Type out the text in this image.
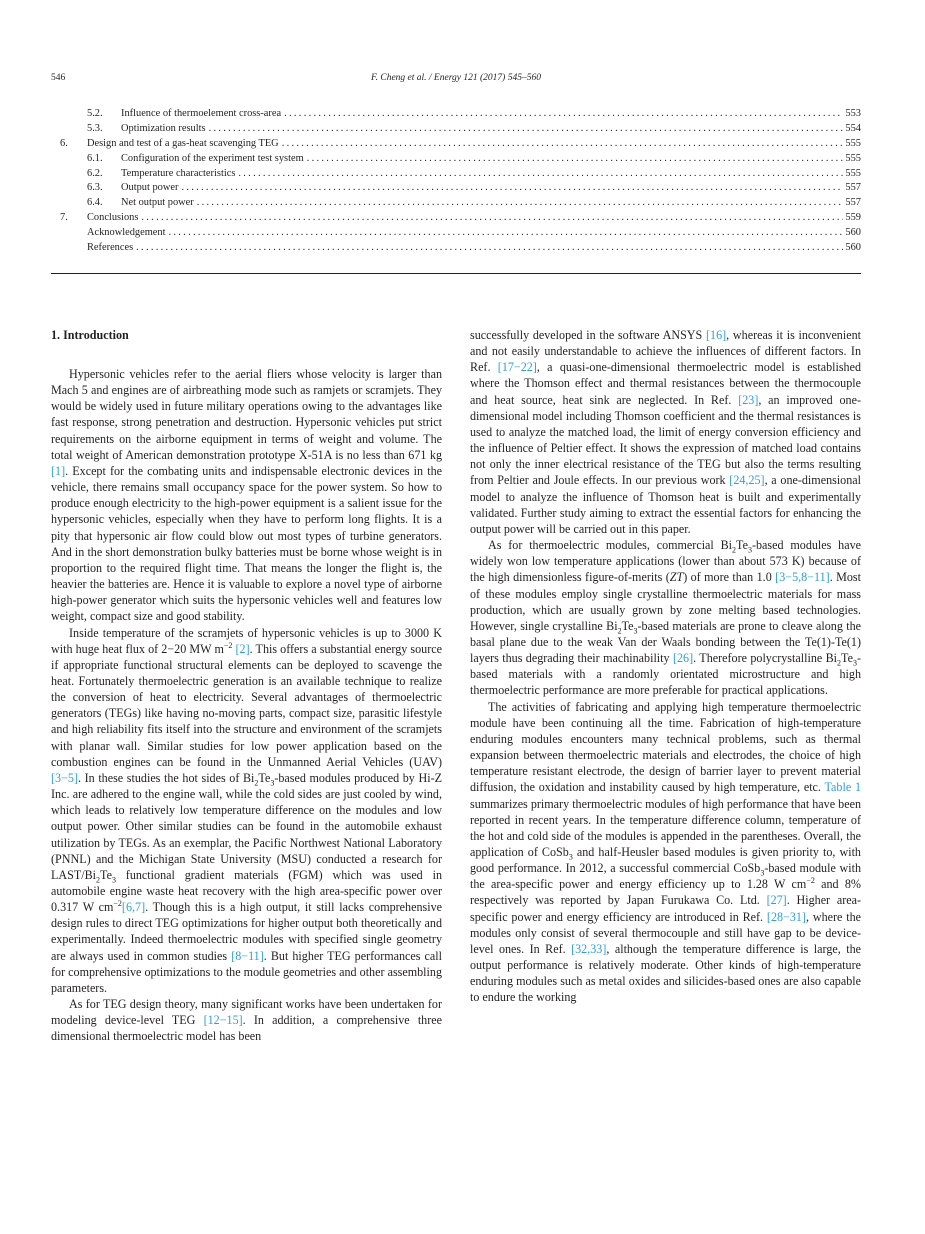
546	F. Cheng et al. / Energy 121 (2017) 545–560
5.2.	Influence of thermoelement cross-area .....	553
5.3.	Optimization results .....	554
6.	Design and test of a gas-heat scavenging TEG .....	555
6.1.	Configuration of the experiment test system .....	555
6.2.	Temperature characteristics .....	555
6.3.	Output power .....	557
6.4.	Net output power .....	557
7.	Conclusions .....	559
Acknowledgement .....	560
References .....	560
1. Introduction

Hypersonic vehicles refer to the aerial fliers whose velocity is larger than Mach 5 and engines are of airbreathing mode such as ramjets or scramjets. They would be widely used in future military operations owing to the advantages like fast response, strong penetration and destruction. Hypersonic vehicles put strict requirements on the airborne equipment in terms of weight and volume. The total weight of American demonstration prototype X-51A is no less than 671 kg [1]. Except for the combating units and indispensable electronic devices in the vehicle, there remains small occupancy space for the power system. So how to produce enough electricity to the high-power equipment is a salient issue for the hypersonic vehicles, especially when they have to perform long flights. It is a pity that hypersonic air flow could blow out most types of turbine generators. And in the short demonstration bulky batteries must be borne whose weight is in proportion to the required flight time. That means the longer the flight is, the heavier the batteries are. Hence it is valuable to explore a novel type of airborne high-power generator which suits the hypersonic vehicles well and features low weight, compact size and good stability.

Inside temperature of the scramjets of hypersonic vehicles is up to 3000 K with huge heat flux of 2−20 MW $m^{-2}$ [2]. This offers a substantial energy source if appropriate functional structural elements can be deployed to scavenge the heat. Fortunately thermoelectric generation is an available technique to realize the conversion of heat to electricity. Several advantages of thermoelectric generators (TEGs) like having no-moving parts, compact size, parasitic lifestyle and high reliability fits itself into the structure and environment of the scramjets with planar wall. Similar studies for low power application based on the combustion engines can be found in the Unmanned Aerial Vehicles (UAV) [3−5]. In these studies the hot sides of $Bi_2Te_3$-based modules produced by Hi-Z Inc. are adhered to the engine wall, while the cold sides are just cooled by wind, which leads to relatively low temperature difference on the modules and low output power. Other similar studies can be found in the automobile exhaust utilization by TEGs. As an exemplar, the Pacific Northwest National Laboratory (PNNL) and the Michigan State University (MSU) conducted a research for LAST/$Bi_2Te_3$ functional gradient materials (FGM) which was used in automobile engine waste heat recovery with the high area-specific power over 0.317 W $cm^{-2}[6,7]$. Though this is a high output, it still lacks comprehensive design rules to direct TEG optimizations for higher output both theoretically and experimentally. Indeed thermoelectric modules with specified single geometry are always used in common studies [8−11]. But higher TEG performances call for comprehensive optimizations to the module geometries and other assembling parameters.

As for TEG design theory, many significant works have been undertaken for modeling device-level TEG [12−15]. In addition, a comprehensive three dimensional thermoelectric model has been

successfully developed in the software ANSYS [16], whereas it is inconvenient and not easily understandable to achieve the influences of different factors. In Ref. [17−22], a quasi-one-dimensional thermoelectric model is established where the Thomson effect and thermal resistances between the thermocouple and heat source, heat sink are neglected. In Ref. [23], an improved one-dimensional model including Thomson coefficient and the thermal resistances is used to analyze the matched load, the limit of energy conversion efficiency and the influence of Peltier effect. It shows the expression of matched load contains not only the inner electrical resistance of the TEG but also the terms resulting from Peltier and Joule effects. In our previous work [24,25], a one-dimensional model to analyze the influence of Thomson heat is built and experimentally validated. Further study aiming to extract the essential factors for enhancing the output power will be carried out in this paper.

As for thermoelectric modules, commercial $Bi_2Te_3$-based modules have widely won low temperature applications (lower than about 573 K) because of the high dimensionless figure-of-merits (ZT) of more than 1.0 [3−5,8−11]. Most of these modules employ single crystalline thermoelectric materials for mass production, which are usually grown by zone melting based technologies. However, single crystalline $Bi_2Te_3$-based materials are prone to cleave along the basal plane due to the weak Van der Waals bonding between the Te(1)-Te(1) layers thus degrading their machinability [26]. Therefore polycrystalline $Bi_2Te_3$-based materials with a randomly orientated microstructure and high thermoelectric performance are more preferable for practical applications.

The activities of fabricating and applying high temperature thermoelectric module have been continuing all the time. Fabrication of high-temperature enduring modules encounters many technical problems, such as thermal expansion between thermoelectric materials and electrodes, the choice of high temperature resistant electrode, the design of barrier layer to prevent material diffusion, the oxidation and instability caused by high temperature, etc. Table 1 summarizes primary thermoelectric modules of high performance that have been reported in recent years. In the temperature difference column, temperature of the hot and cold side of the modules is appended in the parentheses. Overall, the application of CoSb$_3$ and half-Heusler based modules is given priority to, with good performance. In 2012, a successful commercial CoSb$_3$-based module with the area-specific power and energy efficiency up to 1.28 W $cm^{-2}$ and 8% respectively was reported by Japan Furukawa Co. Ltd. [27]. Higher area-specific power and energy efficiency are introduced in Ref. [28−31], where the modules only consist of several thermocouple and still have gap to be device-level ones. In Ref. [32,33], although the temperature difference is large, the output performance is relatively moderate. Other kinds of high-temperature enduring modules such as metal oxides and silicides-based ones are also capable to endure the working
